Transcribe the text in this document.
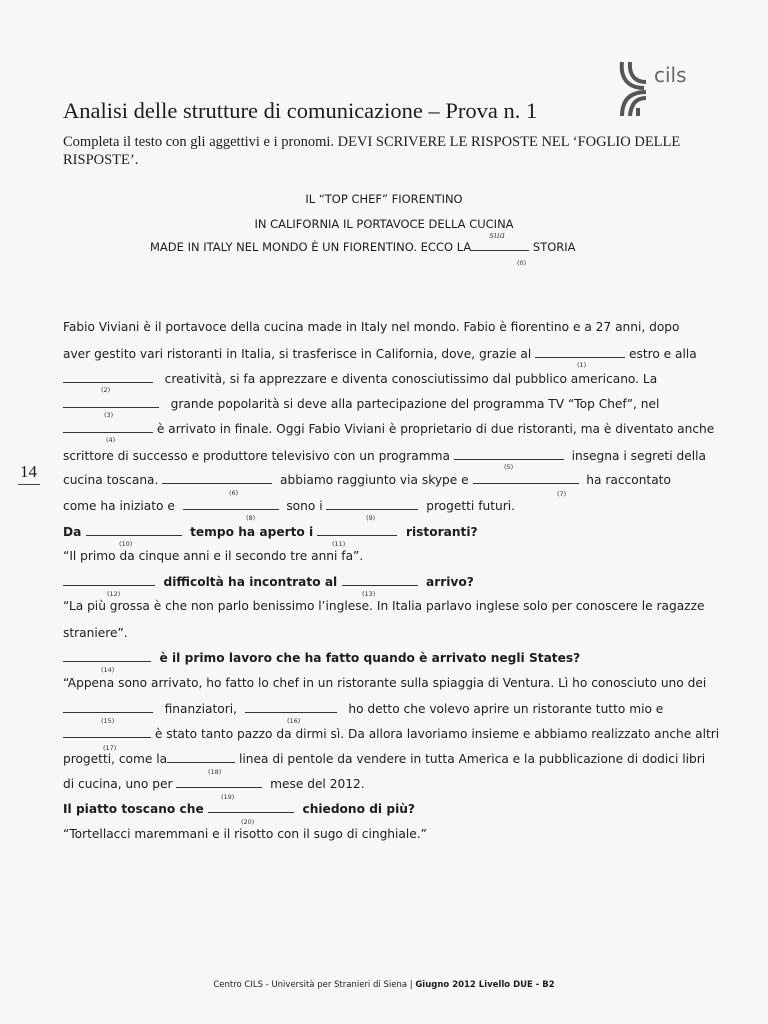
Analisi delle strutture di comunicazione – Prova n. 1
Completa il testo con gli aggettivi e i pronomi. DEVI SCRIVERE LE RISPOSTE NEL ‘FOGLIO DELLE RISPOSTE’.
cils
IL “TOP CHEF” FIORENTINO
IN CALIFORNIA IL PORTAVOCE DELLA CUCINA
MADE IN ITALY NEL MONDO È UN FIORENTINO. ECCO LA
sua
STORIA
(0)
Fabio Viviani è il portavoce della cucina made in Italy nel mondo. Fabio è fiorentino e a 27 anni, dopo
aver gestito vari ristoranti in Italia, si trasferisce in California, dove, grazie al	estro e alla
(1)
creatività, si fa apprezzare e diventa conosciutissimo dal pubblico americano. La
(2)
grande popolarità si deve alla partecipazione del programma TV “Top Chef”, nel
(3)
è arrivato in finale. Oggi Fabio Viviani è proprietario di due ristoranti, ma è diventato anche
(4)
scrittore di successo e produttore televisivo con un programma	insegna i segreti della
(5)
cucina toscana.	abbiamo raggiunto via skype e	ha raccontato
(6)	(7)
come ha iniziato e	sono i	progetti futuri.
(8)	(9)
Da	tempo ha aperto i	ristoranti?
(10)	(11)
“Il primo da cinque anni e il secondo tre anni fa”.
difficoltà ha incontrato al	arrivo?
(12)	(13)
“La più grossa è che non parlo benissimo l’inglese. In Italia parlavo inglese solo per conoscere le ragazze
straniere”.
è il primo lavoro che ha fatto quando è arrivato negli States?
(14)
“Appena sono arrivato, ho fatto lo chef in un ristorante sulla spiaggia di Ventura. Lì ho conosciuto uno dei
finanziatori,	ho detto che volevo aprire un ristorante tutto mio e
(15)	(16)
è stato tanto pazzo da dirmi sì. Da allora lavoriamo insieme e abbiamo realizzato anche altri
(17)
progetti, come la	linea di pentole da vendere in tutta America e la pubblicazione di dodici libri
(18)
di cucina, uno per	mese del 2012.
(19)
Il piatto toscano che	chiedono di più?
(20)
“Tortellacci maremmani e il risotto con il sugo di cinghiale.”
14
Centro CILS - Università per Stranieri di Siena | Giugno 2012 Livello DUE - B2
